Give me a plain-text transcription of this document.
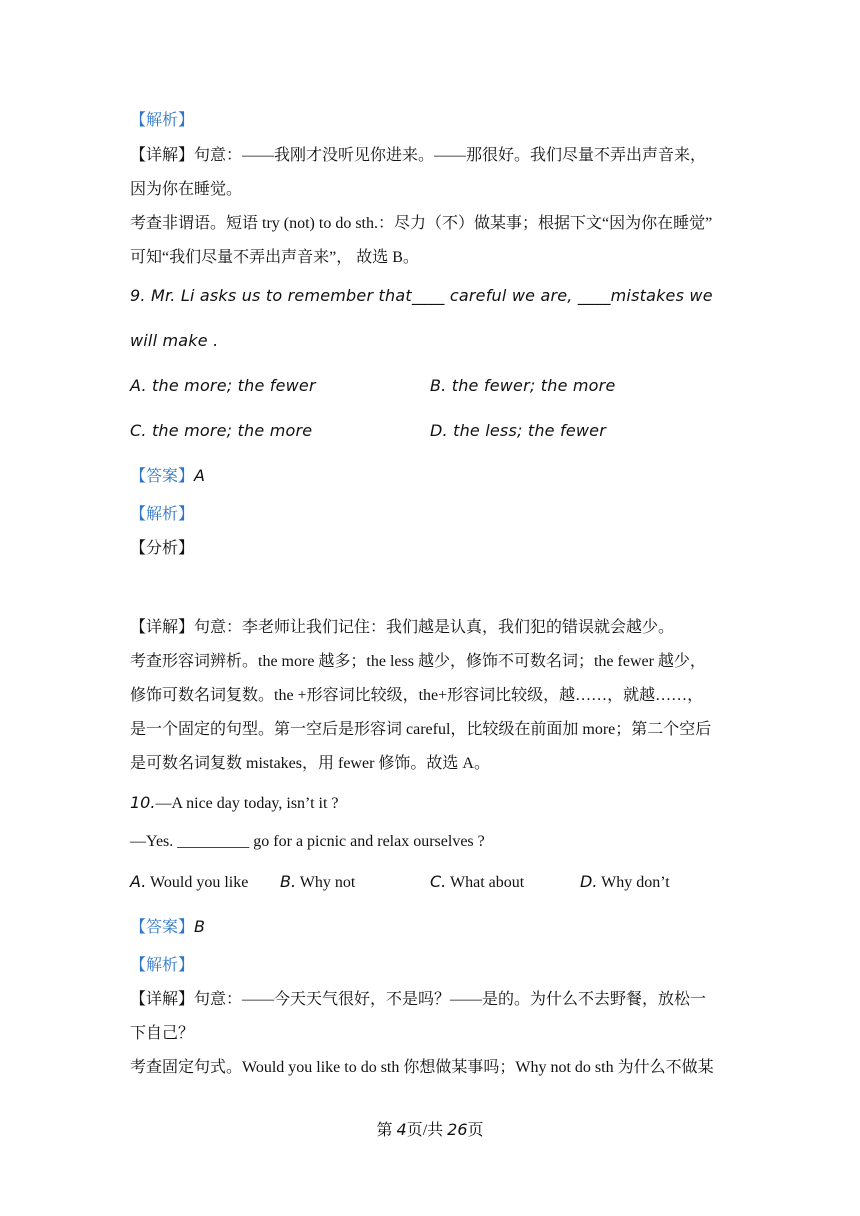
【解析】
【详解】句意：——我刚才没听见你进来。——那很好。我们尽量不弄出声音来，
因为你在睡觉。
考查非谓语。短语 try (not) to do sth.：尽力（不）做某事；根据下文“因为你在睡觉”
可知“我们尽量不弄出声音来”， 故选 B。
9. Mr. Li asks us to remember that____ careful we are, ____mistakes we
will make .
A. the more; the fewer	B. the fewer; the more
C. the more; the more	D. the less; the fewer
【答案】A
【解析】
【分析】
【详解】句意：李老师让我们记住：我们越是认真，我们犯的错误就会越少。
考查形容词辨析。the more 越多；the less 越少，修饰不可数名词；the fewer 越少，
修饰可数名词复数。the +形容词比较级，the+形容词比较级，越……，就越……，
是一个固定的句型。第一空后是形容词 careful，比较级在前面加 more；第二个空后
是可数名词复数 mistakes，用 fewer 修饰。故选 A。
10.—A nice day today, isn’t it ?
—Yes. _________ go for a picnic and relax ourselves ?
A. Would you like B. Why not	C. What about	D. Why don’t
【答案】B
【解析】
【详解】句意：——今天天气很好，不是吗？——是的。为什么不去野餐，放松一
下自己？
考查固定句式。Would you like to do sth 你想做某事吗；Why not do sth 为什么不做某
第 4页/共 26页
